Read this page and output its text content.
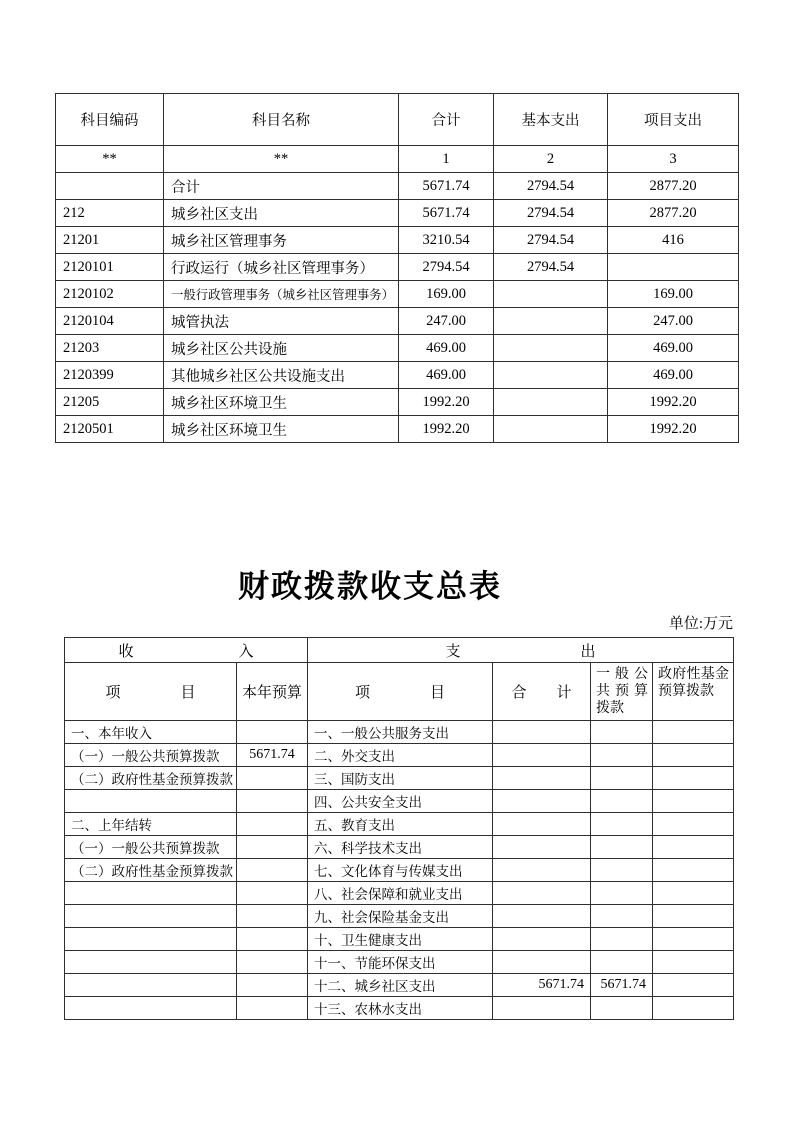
科目编码	科目名称	合计	基本支出	项目支出
**	**	1	2	3
	合计	5671.74	2794.54	2877.20
212	城乡社区支出	5671.74	2794.54	2877.20
21201	城乡社区管理事务	3210.54	2794.54	416
2120101	行政运行（城乡社区管理事务）	2794.54	2794.54	
2120102	一般行政管理事务（城乡社区管理事务）	169.00		169.00
2120104	城管执法	247.00		247.00
21203	城乡社区公共设施	469.00		469.00
2120399	其他城乡社区公共设施支出	469.00		469.00
21205	城乡社区环境卫生	1992.20		1992.20
2120501	城乡社区环境卫生	1992.20		1992.20
财政拨款收支总表
单位:万元
收　　　　　　　入		支　　　　　　　　出			
项　　　　目	本年预算	项　　　　目	合　　计	一般公共预算拨款	政府性基金预算拨款
一、本年收入		一、一般公共服务支出			
（一）一般公共预算拨款	5671.74	二、外交支出			
（二）政府性基金预算拨款		三、国防支出			
		四、公共安全支出			
二、上年结转		五、教育支出			
（一）一般公共预算拨款		六、科学技术支出			
（二）政府性基金预算拨款		七、文化体育与传媒支出			
		八、社会保障和就业支出			
		九、社会保险基金支出			
		十、卫生健康支出			
		十一、节能环保支出			
		十二、城乡社区支出	5671.74	5671.74	
		十三、农林水支出			
